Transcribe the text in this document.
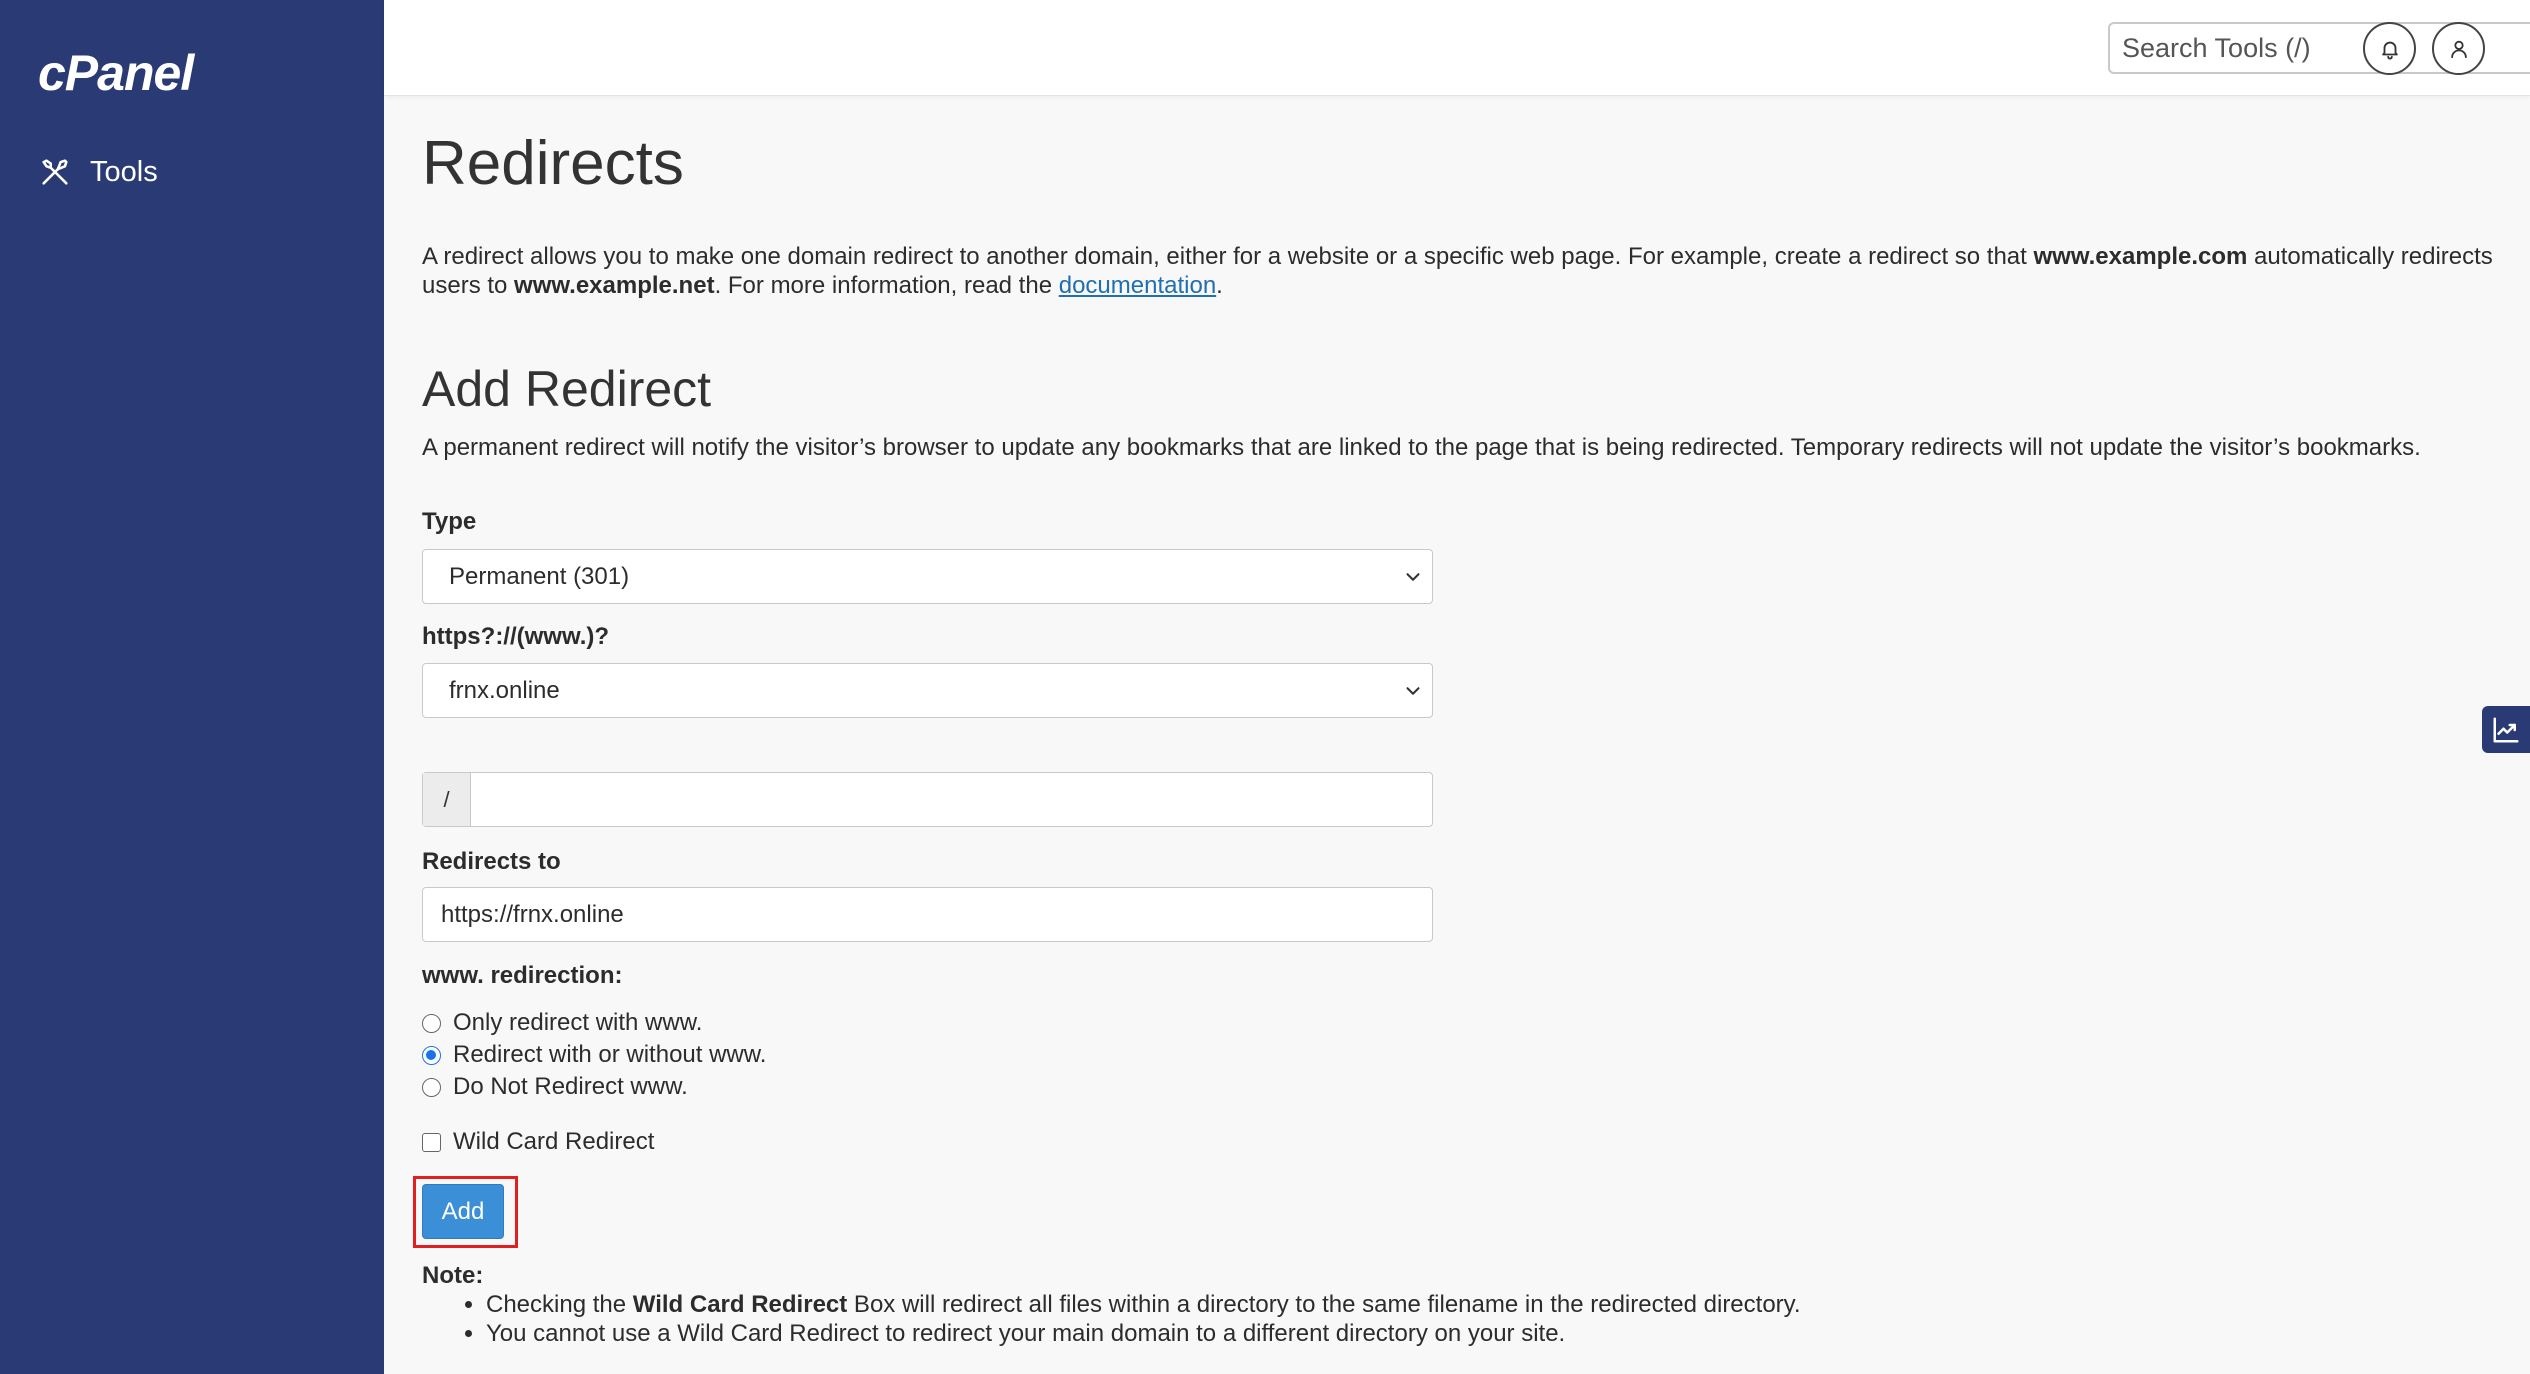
cPanel
Tools
Search Tools (/)	Redirects

A redirect allows you to make one domain redirect to another domain, either for a website or a specific web page. For example, create a redirect so that www.example.com automatically redirects users to www.example.net. For more information, read the documentation.

Add Redirect

A permanent redirect will notify the visitor’s browser to update any bookmarks that are linked to the page that is being redirected. Temporary redirects will not update the visitor’s bookmarks.

Type
Permanent (301)
https?://(www.)?
frnx.online
/
Redirects to
https://frnx.online
www. redirection:
Only redirect with www.
Redirect with or without www.
Do Not Redirect www.
Wild Card Redirect
Add
Note:
• Checking the Wild Card Redirect Box will redirect all files within a directory to the same filename in the redirected directory.
• You cannot use a Wild Card Redirect to redirect your main domain to a different directory on your site.
